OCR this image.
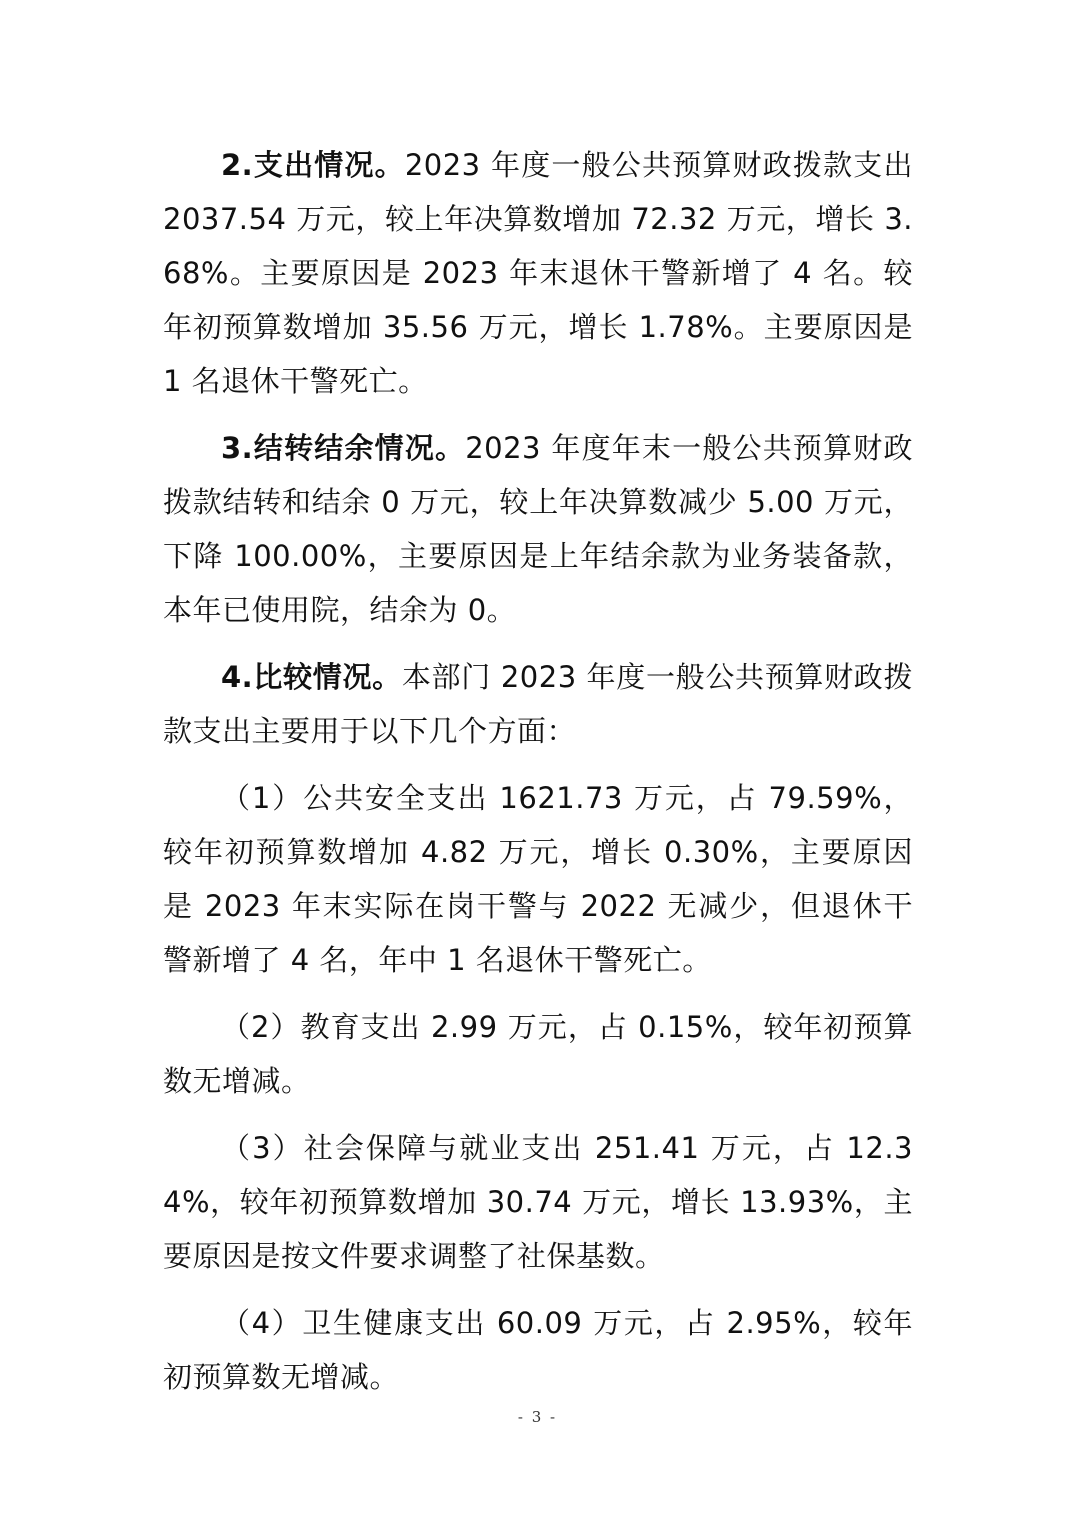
2.支出情况。2023 年度一般公共预算财政拨款支出 2037.54 万元，较上年决算数增加 72.32 万元，增长 3.68%。主要原因是 2023 年末退休干警新增了 4 名。较年初预算数增加 35.56 万元，增长 1.78%。主要原因是 1 名退休干警死亡。

3.结转结余情况。2023 年度年末一般公共预算财政拨款结转和结余 0 万元，较上年决算数减少 5.00 万元，下降 100.00%，主要原因是上年结余款为业务装备款，本年已使用院，结余为 0。

4.比较情况。本部门 2023 年度一般公共预算财政拨款支出主要用于以下几个方面：

（1）公共安全支出 1621.73 万元，占 79.59%，较年初预算数增加 4.82 万元，增长 0.30%，主要原因是 2023 年末实际在岗干警与 2022 无减少，但退休干警新增了 4 名，年中 1 名退休干警死亡。

（2）教育支出 2.99 万元，占 0.15%，较年初预算数无增减。

（3）社会保障与就业支出 251.41 万元，占 12.34%，较年初预算数增加 30.74 万元，增长 13.93%，主要原因是按文件要求调整了社保基数。

（4）卫生健康支出 60.09 万元，占 2.95%，较年初预算数无增减。

- 3 -
